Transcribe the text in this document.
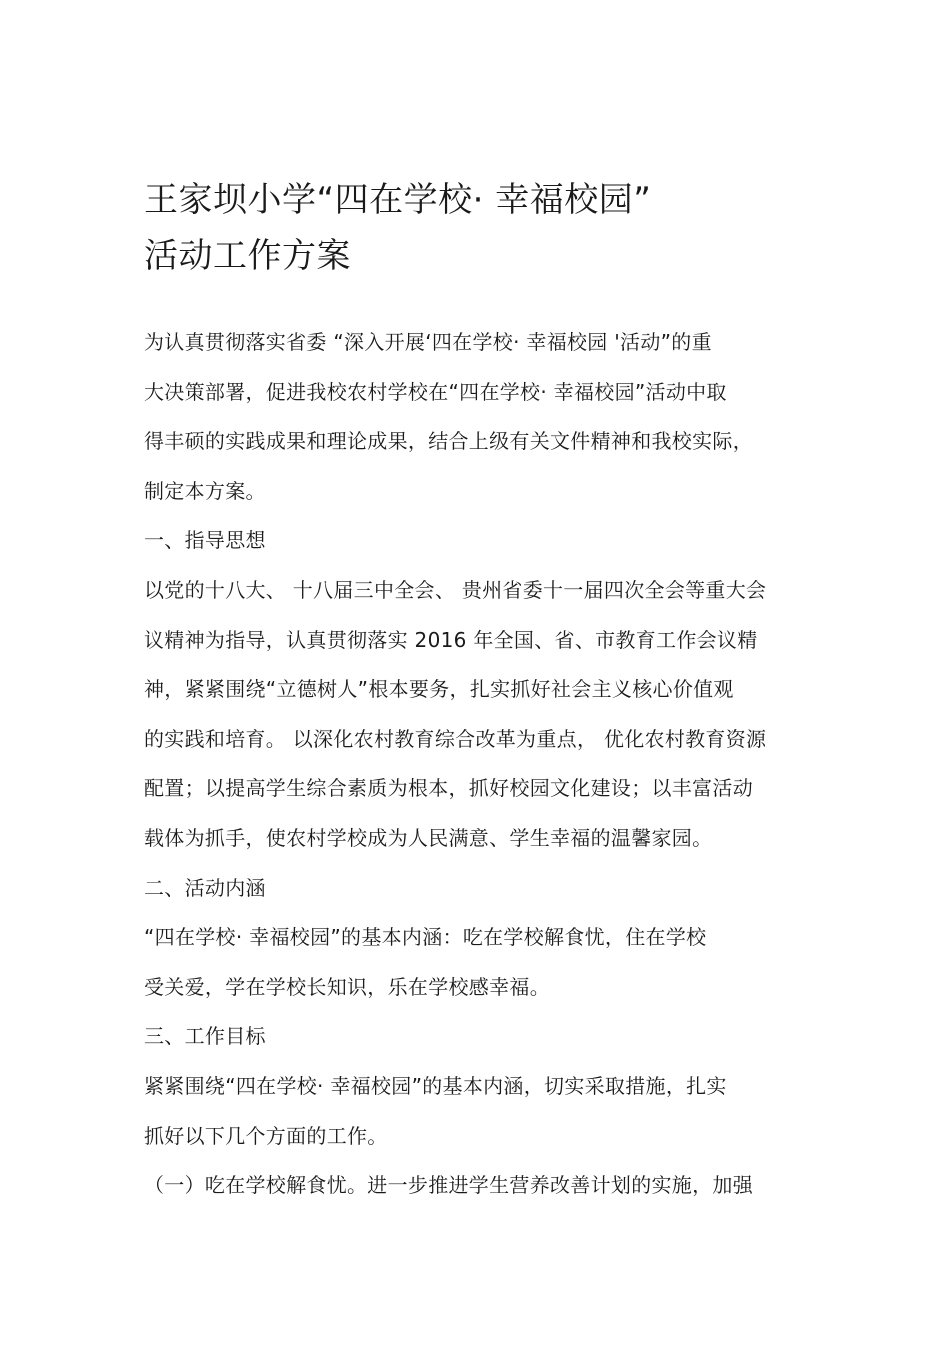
王家坝小学“四在学校· 幸福校园”
活动工作方案
为认真贯彻落实省委 “深入开展‘四在学校· 幸福校园 '活动”的重
大决策部署，促进我校农村学校在“四在学校· 幸福校园”活动中取
得丰硕的实践成果和理论成果，结合上级有关文件精神和我校实际，
制定本方案。
一、指导思想
以党的十八大、 十八届三中全会、 贵州省委十一届四次全会等重大会
议精神为指导，认真贯彻落实 2016 年全国、省、市教育工作会议精
神，紧紧围绕“立德树人”根本要务，扎实抓好社会主义核心价值观
的实践和培育。 以深化农村教育综合改革为重点， 优化农村教育资源
配置；以提高学生综合素质为根本，抓好校园文化建设；以丰富活动
载体为抓手，使农村学校成为人民满意、学生幸福的温馨家园。
二、活动内涵
“四在学校· 幸福校园”的基本内涵：吃在学校解食忧，住在学校
受关爱，学在学校长知识，乐在学校感幸福。
三、工作目标
紧紧围绕“四在学校· 幸福校园”的基本内涵，切实采取措施，扎实
抓好以下几个方面的工作。
（一）吃在学校解食忧。进一步推进学生营养改善计划的实施，加强
